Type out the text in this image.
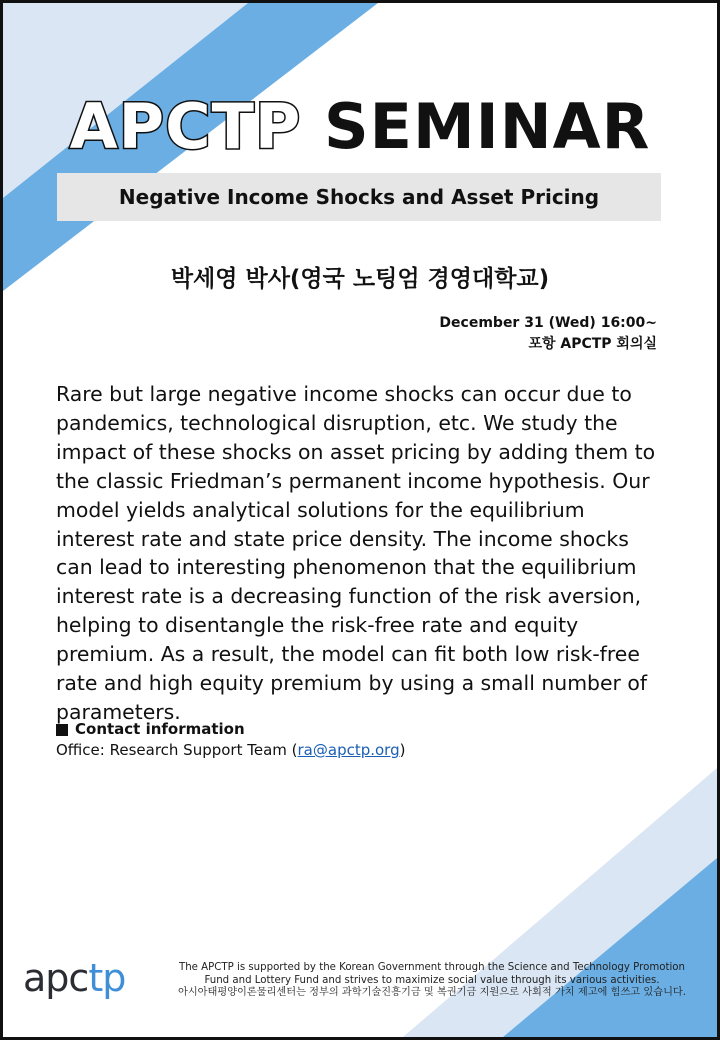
APCTP SEMINAR
Negative Income Shocks and Asset Pricing
박세영 박사(영국 노팅엄 경영대학교)
December 31 (Wed) 16:00~
포항 APCTP 회의실
Rare but large negative income shocks can occur due to pandemics, technological disruption, etc. We study the impact of these shocks on asset pricing by adding them to the classic Friedman’s permanent income hypothesis. Our model yields analytical solutions for the equilibrium interest rate and state price density. The income shocks can lead to interesting phenomenon that the equilibrium interest rate is a decreasing function of the risk aversion, helping to disentangle the risk-free rate and equity premium. As a result, the model can fit both low risk-free rate and high equity premium by using a small number of parameters.
Contact information
Office: Research Support Team (ra@apctp.org)
apctp	The APCTP is supported by the Korean Government through the Science and Technology Promotion
Fund and Lottery Fund and strives to maximize social value through its various activities.
아시아태평양이론물리센터는 정부의 과학기술진흥기금 및 복권기금 지원으로 사회적 가치 제고에 힘쓰고 있습니다.
